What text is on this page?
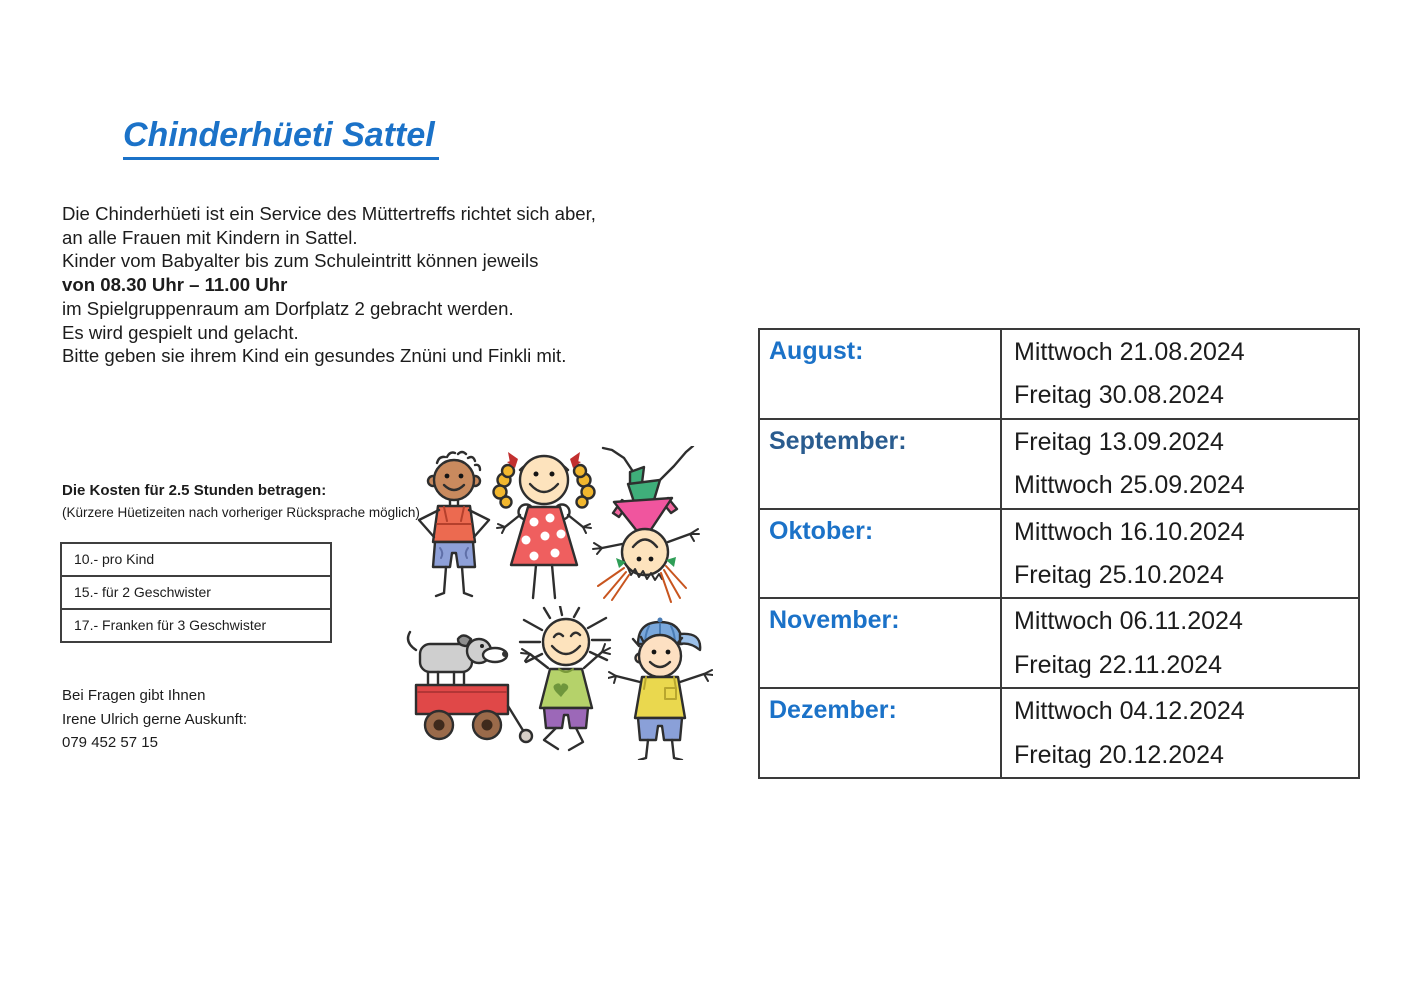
Chinderhüeti Sattel
Die Chinderhüeti ist ein Service des Müttertreffs richtet sich aber,
an alle Frauen mit Kindern in Sattel.
Kinder vom Babyalter bis zum Schuleintritt können jeweils
von 08.30 Uhr – 11.00 Uhr
im Spielgruppenraum am Dorfplatz 2 gebracht werden.
Es wird gespielt und gelacht.
Bitte geben sie ihrem Kind ein gesundes Znüni und Finkli mit.
Die Kosten für 2.5 Stunden betragen:
(Kürzere Hüetizeiten nach vorheriger Rücksprache möglich)
10.- pro Kind
15.- für 2 Geschwister
17.- Franken für 3 Geschwister
Bei Fragen gibt Ihnen
Irene Ulrich gerne Auskunft:
079 452 57 15
August:	Mittwoch 21.08.2024
Freitag 30.08.2024

September:	Freitag 13.09.2024
Mittwoch 25.09.2024

Oktober:	Mittwoch 16.10.2024
Freitag 25.10.2024

November:	Mittwoch 06.11.2024
Freitag 22.11.2024

Dezember:	Mittwoch 04.12.2024
Freitag 20.12.2024
